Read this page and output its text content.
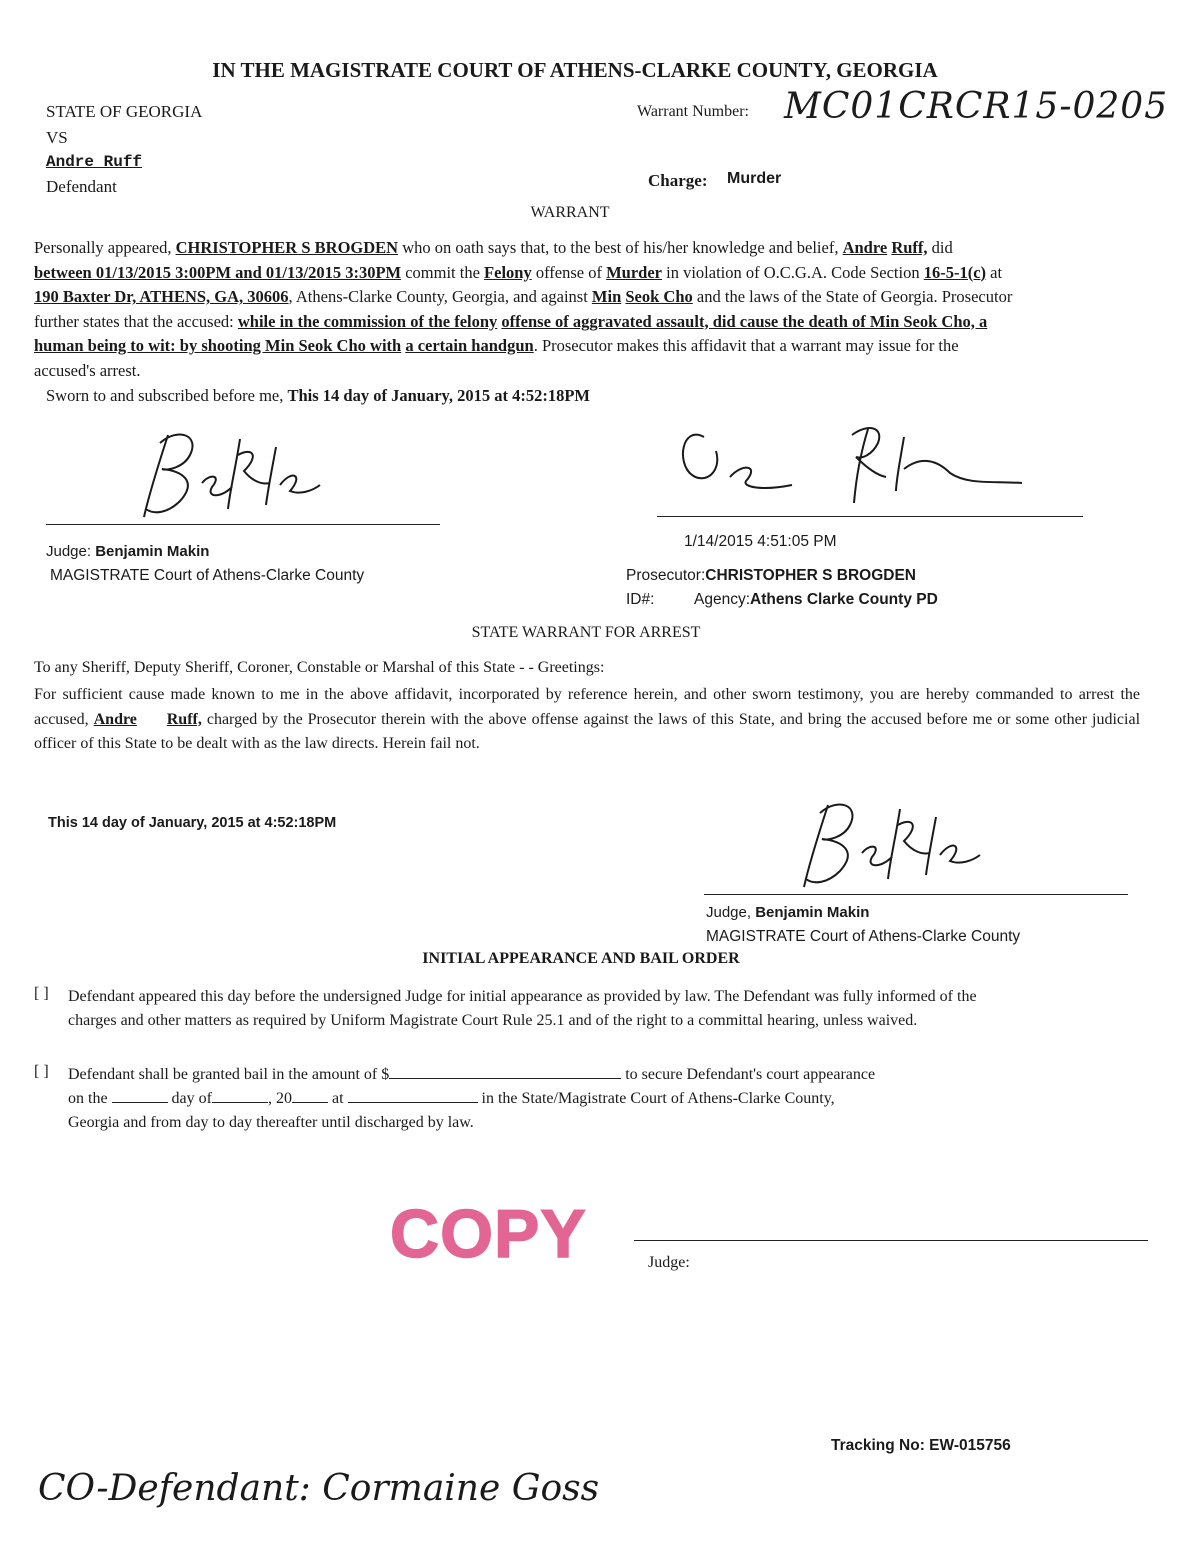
IN THE MAGISTRATE COURT OF ATHENS-CLARKE COUNTY, GEORGIA
STATE OF GEORGIA
VS
Andre Ruff
Defendant
Warrant Number: MC01CRCR15-0205
Charge: Murder
WARRANT
Personally appeared, CHRISTOPHER S BROGDEN who on oath says that, to the best of his/her knowledge and belief, Andre Ruff, did between 01/13/2015 3:00PM and 01/13/2015 3:30PM commit the Felony offense of Murder in violation of O.C.G.A. Code Section 16-5-1(c) at 190 Baxter Dr, ATHENS, GA, 30606, Athens-Clarke County, Georgia, and against Min Seok Cho and the laws of the State of Georgia. Prosecutor further states that the accused: while in the commission of the felony offense of aggravated assault, did cause the death of Min Seok Cho, a human being to wit: by shooting Min Seok Cho with a certain handgun. Prosecutor makes this affidavit that a warrant may issue for the accused's arrest.
Sworn to and subscribed before me, This 14 day of January, 2015 at 4:52:18PM
1/14/2015 4:51:05 PM
Judge: Benjamin Makin
MAGISTRATE Court of Athens-Clarke County	Prosecutor:CHRISTOPHER S BROGDEN
ID#:	Agency:Athens Clarke County PD
STATE WARRANT FOR ARREST
To any Sheriff, Deputy Sheriff, Coroner, Constable or Marshal of this State - - Greetings:
For sufficient cause made known to me in the above affidavit, incorporated by reference herein, and other sworn testimony, you are hereby commanded to arrest the accused, Andre Ruff, charged by the Prosecutor therein with the above offense against the laws of this State, and bring the accused before me or some other judicial officer of this State to be dealt with as the law directs. Herein fail not.
This 14 day of January, 2015 at 4:52:18PM
Judge, Benjamin Makin
MAGISTRATE Court of Athens-Clarke County
INITIAL APPEARANCE AND BAIL ORDER
[ ] Defendant appeared this day before the undersigned Judge for initial appearance as provided by law. The Defendant was fully informed of the charges and other matters as required by Uniform Magistrate Court Rule 25.1 and of the right to a committal hearing, unless waived.
[ ] Defendant shall be granted bail in the amount of $	to secure Defendant's court appearance
on the	day of	, 20	at	in the State/Magistrate Court of Athens-Clarke County,
Georgia and from day to day thereafter until discharged by law.
COPY	Judge:
Tracking No: EW-015756
CO-Defendant: Cormaine Goss
